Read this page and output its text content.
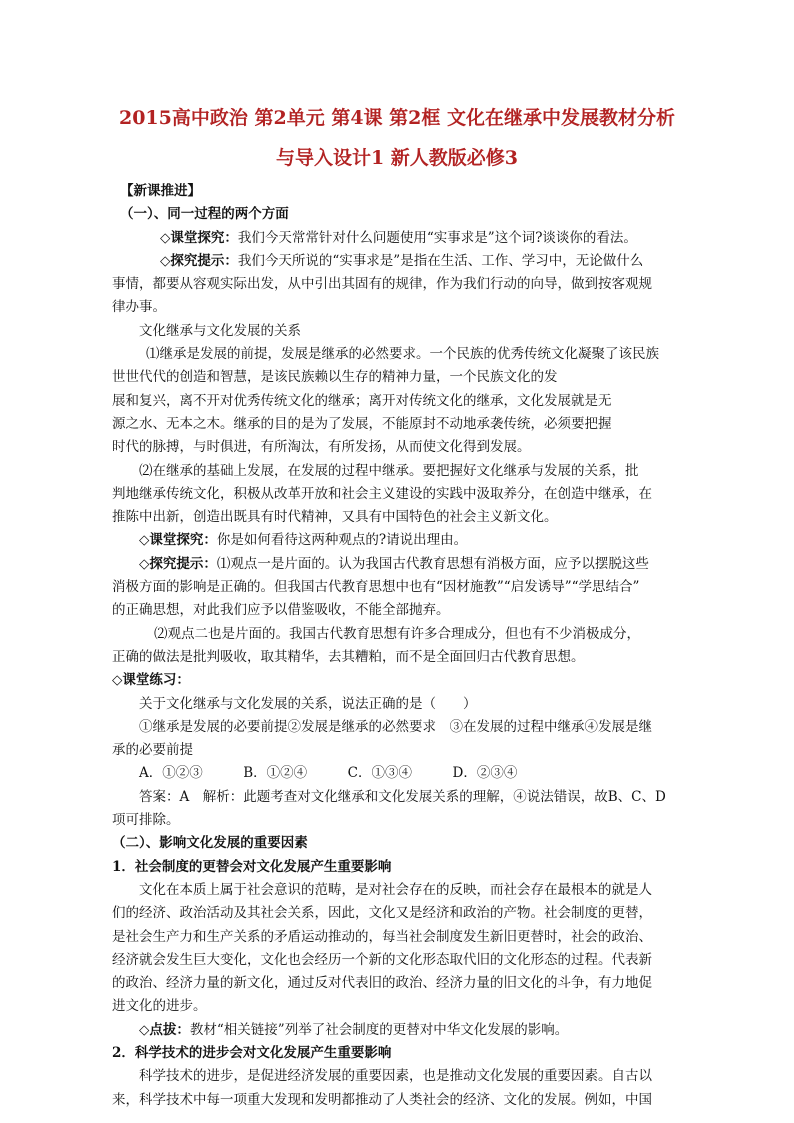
2015高中政治 第2单元 第4课 第2框 文化在继承中发展教材分析
与导入设计1 新人教版必修3
【新课推进】
（一）、同一过程的两个方面
◇课堂探究：我们今天常常针对什么问题使用“实事求是”这个词?谈谈你的看法。
◇探究提示：我们今天所说的“实事求是”是指在生活、工作、学习中，无论做什么
事情，都要从容观实际出发，从中引出其固有的规律，作为我们行动的向导，做到按客观规
律办事。
文化继承与文化发展的关系
⑴继承是发展的前提，发展是继承的必然要求。一个民族的优秀传统文化凝聚了该民族
世世代代的创造和智慧，是该民族赖以生存的精神力量，一个民族文化的发
展和复兴，离不开对优秀传统文化的继承；离开对传统文化的继承，文化发展就是无
源之水、无本之木。继承的目的是为了发展，不能原封不动地承袭传统，必须要把握
时代的脉搏，与时俱进，有所淘汰，有所发扬，从而使文化得到发展。
⑵在继承的基础上发展，在发展的过程中继承。要把握好文化继承与发展的关系，批
判地继承传统文化，积极从改革开放和社会主义建设的实践中汲取养分，在创造中继承，在
推陈中出新，创造出既具有时代精神，又具有中国特色的社会主义新文化。
◇课堂探究：你是如何看待这两种观点的?请说出理由。
◇探究提示：⑴观点一是片面的。认为我国古代教育思想有消极方面，应予以摆脱这些
消极方面的影响是正确的。但我国古代教育思想中也有“因材施教”“启发诱导”“学思结合”
的正确思想，对此我们应予以借鉴吸收，不能全部抛弃。
⑵观点二也是片面的。我国古代教育思想有许多合理成分，但也有不少消极成分，
正确的做法是批判吸收，取其精华，去其糟粕，而不是全面回归古代教育思想。
◇课堂练习：
关于文化继承与文化发展的关系，说法正确的是（　　）
①继承是发展的必要前提②发展是继承的必然要求　③在发展的过程中继承④发展是继
承的必要前提
A．①②③　　　B．①②④　　　C．①③④　　　D．②③④
答案：A　解析：此题考查对文化继承和文化发展关系的理解，④说法错误，故B、C、D
项可排除。
（二）、影响文化发展的重要因素
1．社会制度的更替会对文化发展产生重要影响
文化在本质上属于社会意识的范畴，是对社会存在的反映，而社会存在最根本的就是人
们的经济、政治活动及其社会关系，因此，文化又是经济和政治的产物。社会制度的更替，
是社会生产力和生产关系的矛盾运动推动的，每当社会制度发生新旧更替时，社会的政治、
经济就会发生巨大变化，文化也会经历一个新的文化形态取代旧的文化形态的过程。代表新
的政治、经济力量的新文化，通过反对代表旧的政治、经济力量的旧文化的斗争，有力地促
进文化的进步。
◇点拔：教材“相关链接”列举了社会制度的更替对中华文化发展的影响。
2．科学技术的进步会对文化发展产生重要影响
科学技术的进步，是促进经济发展的重要因素，也是推动文化发展的重要因素。自古以
来，科学技术中每一项重大发现和发明都推动了人类社会的经济、文化的发展。例如，中国
